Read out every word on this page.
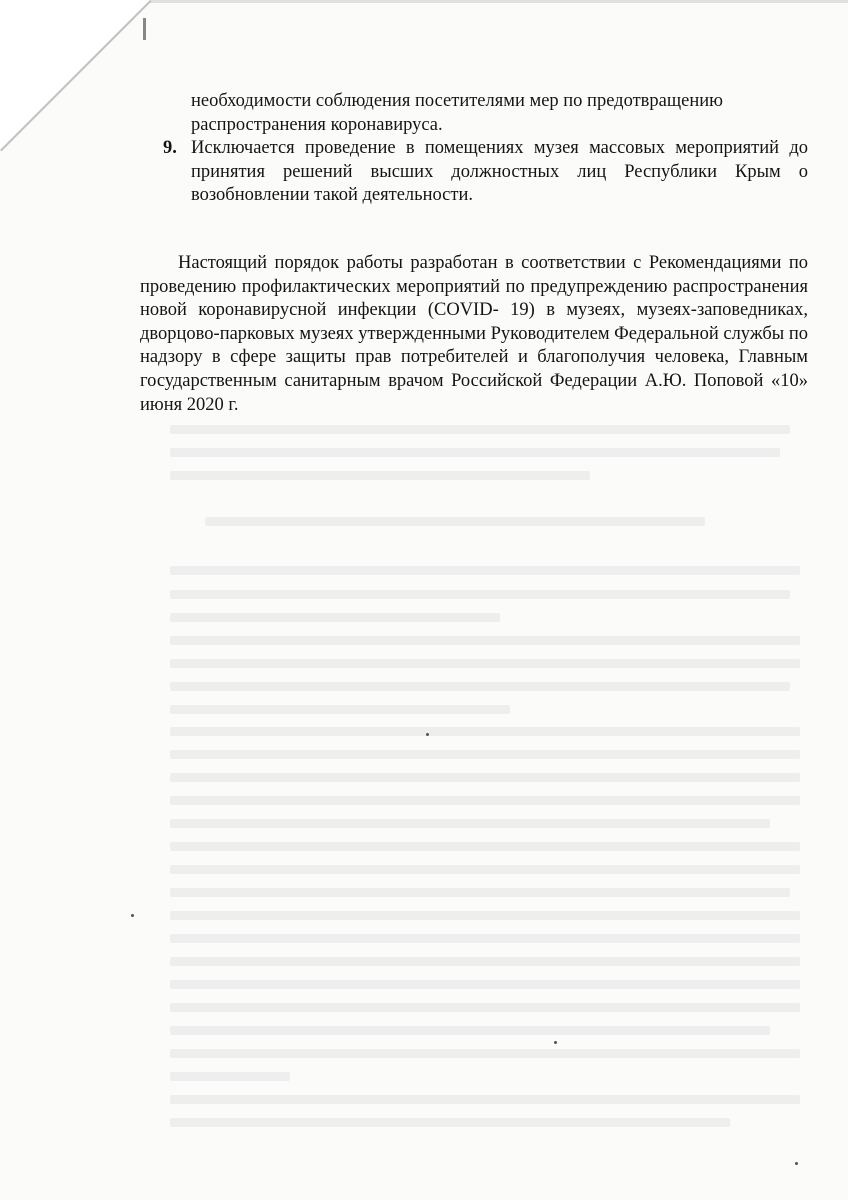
необходимости соблюдения посетителями мер по предотвращению
распространения коронавируса.
9. Исключается проведение в помещениях музея массовых мероприятий до принятия решений высших должностных лиц Республики Крым о возобновлении такой деятельности.
Настоящий порядок работы разработан в соответствии с Рекомендациями по проведению профилактических мероприятий по предупреждению распространения новой коронавирусной инфекции (COVID- 19) в музеях, музеях-заповедниках, дворцово-парковых музеях утвержденными Руководителем Федеральной службы по надзору в сфере защиты прав потребителей и благополучия человека, Главным государственным санитарным врачом Российской Федерации А.Ю. Поповой «10» июня 2020 г.
